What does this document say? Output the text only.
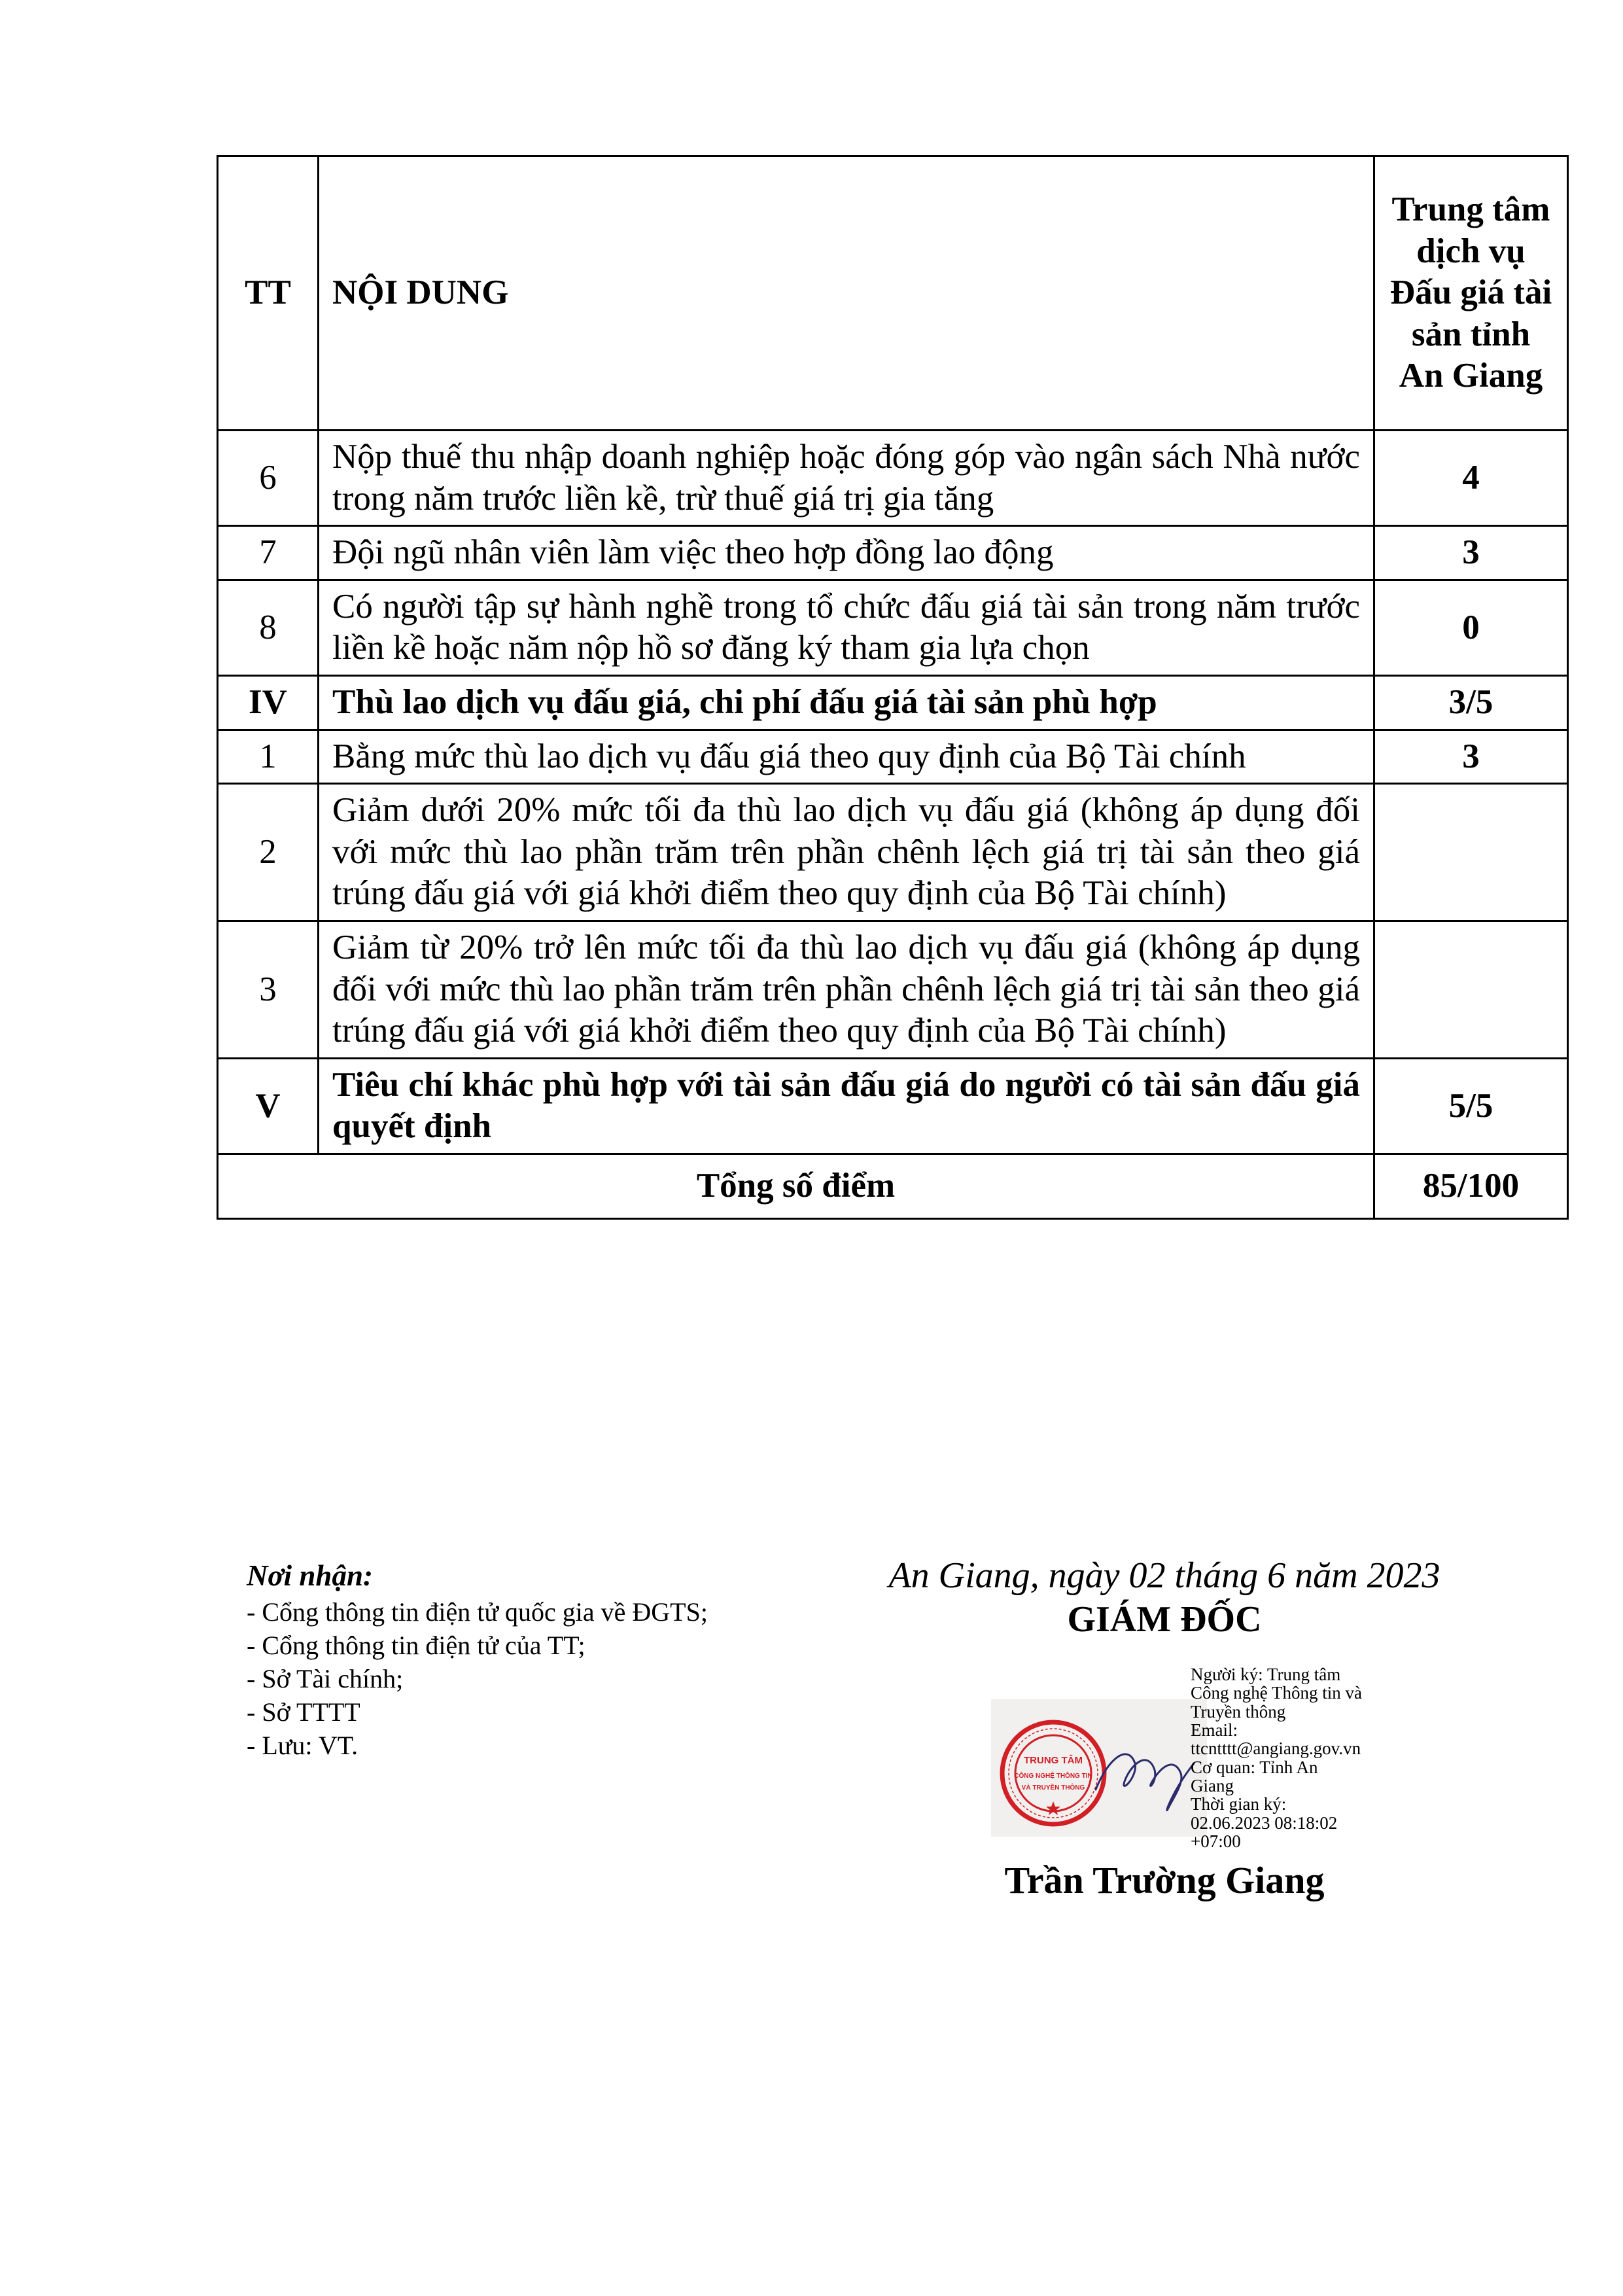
TT	NỘI DUNG	Trung tâm dịch vụ Đấu giá tài sản tỉnh An Giang
6	Nộp thuế thu nhập doanh nghiệp hoặc đóng góp vào ngân sách Nhà nước trong năm trước liền kề, trừ thuế giá trị gia tăng	4
7	Đội ngũ nhân viên làm việc theo hợp đồng lao động	3
8	Có người tập sự hành nghề trong tổ chức đấu giá tài sản trong năm trước liền kề hoặc năm nộp hồ sơ đăng ký tham gia lựa chọn	0
IV	Thù lao dịch vụ đấu giá, chi phí đấu giá tài sản phù hợp	3/5
1	Bằng mức thù lao dịch vụ đấu giá theo quy định của Bộ Tài chính	3
2	Giảm dưới 20% mức tối đa thù lao dịch vụ đấu giá (không áp dụng đối với mức thù lao phần trăm trên phần chênh lệch giá trị tài sản theo giá trúng đấu giá với giá khởi điểm theo quy định của Bộ Tài chính)	
3	Giảm từ 20% trở lên mức tối đa thù lao dịch vụ đấu giá (không áp dụng đối với mức thù lao phần trăm trên phần chênh lệch giá trị tài sản theo giá trúng đấu giá với giá khởi điểm theo quy định của Bộ Tài chính)	
V	Tiêu chí khác phù hợp với tài sản đấu giá do người có tài sản đấu giá quyết định	5/5
Tổng số điểm		85/100
Nơi nhận:
- Cổng thông tin điện tử quốc gia về ĐGTS;
- Cổng thông tin điện tử của TT;
- Sở Tài chính;
- Sở TTTT
- Lưu: VT.
An Giang, ngày 02 tháng 6 năm 2023
GIÁM ĐỐC
TRUNG TÂM
CÔNG NGHỆ THÔNG TIN
VÀ TRUYỀN THÔNG
Người ký: Trung tâm
Công nghệ Thông tin và
Truyền thông
Email:
ttcntttt@angiang.gov.vn
Cơ quan: Tỉnh An
Giang
Thời gian ký:
02.06.2023 08:18:02
+07:00
Trần Trường Giang
